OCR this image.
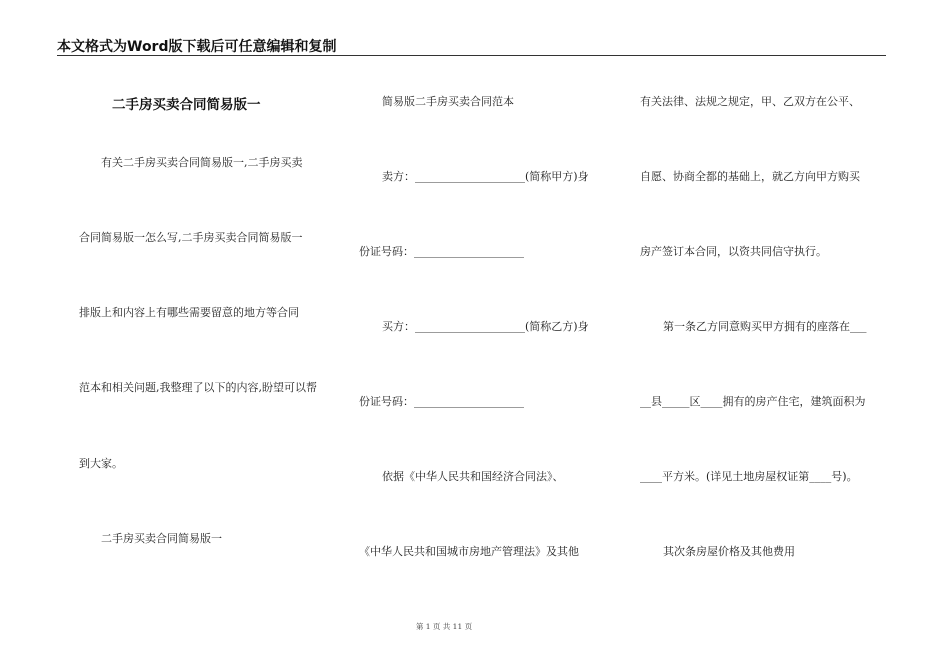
本文格式为Word版下载后可任意编辑和复制
二手房买卖合同简易版一
有关二手房买卖合同简易版一,二手房买卖
合同简易版一怎么写,二手房买卖合同简易版一
排版上和内容上有哪些需要留意的地方等合同
范本和相关问题,我整理了以下的内容,盼望可以帮
到大家。
二手房买卖合同简易版一
简易版二手房买卖合同范本
卖方：____________________(简称甲方)身
份证号码：____________________
买方：____________________(简称乙方)身
份证号码：____________________
依据《中华人民共和国经济合同法》、
《中华人民共和国城市房地产管理法》及其他
有关法律、法规之规定，甲、乙双方在公平、
自愿、协商全都的基础上，就乙方向甲方购买
房产签订本合同，以资共同信守执行。
第一条乙方同意购买甲方拥有的座落在___
__县_____区____拥有的房产住宅，建筑面积为
____平方米。(详见土地房屋权证第____号)。
其次条房屋价格及其他费用
第 1 页 共 11 页
